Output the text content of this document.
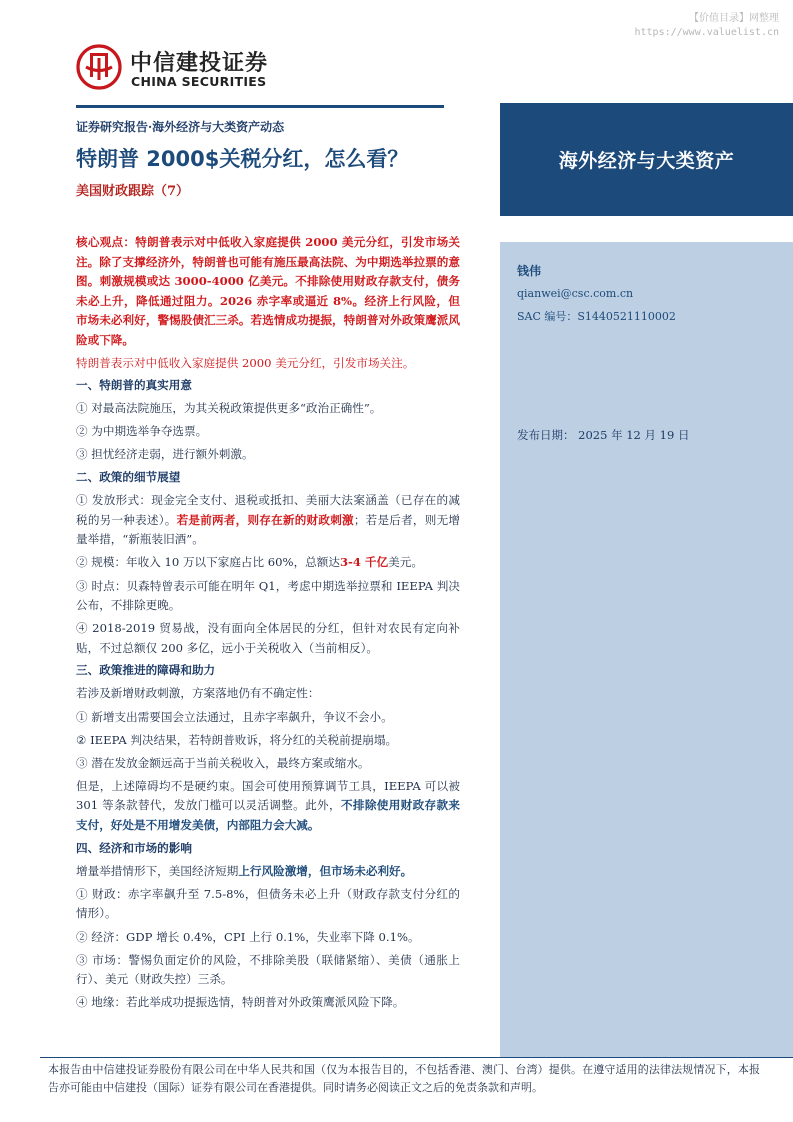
【价值目录】网整理
https://www.valuelist.cn
中信建投证券
CHINA SECURITIES
证券研究报告·海外经济与大类资产动态
特朗普 2000$关税分红，怎么看？
美国财政跟踪（7）
海外经济与大类资产
钱伟
qianwei@csc.com.cn
SAC 编号：S1440521110002
发布日期： 2025 年 12 月 19 日

核心观点：特朗普表示对中低收入家庭提供 2000 美元分红，引发市场关注。除了支撑经济外，特朗普也可能有施压最高法院、为中期选举拉票的意图。刺激规模或达 3000-4000 亿美元。不排除使用财政存款支付，债务未必上升，降低通过阻力。2026 赤字率或逼近 8%。经济上行风险，但市场未必利好，警惕股债汇三杀。若选情成功提振，特朗普对外政策鹰派风险或下降。

特朗普表示对中低收入家庭提供 2000 美元分红，引发市场关注。

一、特朗普的真实用意

① 对最高法院施压，为其关税政策提供更多“政治正确性”。

② 为中期选举争夺选票。

③ 担忧经济走弱，进行额外刺激。

二、政策的细节展望

① 发放形式：现金完全支付、退税或抵扣、美丽大法案涵盖（已存在的减税的另一种表述）。若是前两者，则存在新的财政刺激；若是后者，则无增量举措，“新瓶装旧酒”。

② 规模：年收入 10 万以下家庭占比 60%，总额达3-4 千亿美元。

③ 时点：贝森特曾表示可能在明年 Q1，考虑中期选举拉票和 IEEPA 判决公布，不排除更晚。

④ 2018-2019 贸易战，没有面向全体居民的分红，但针对农民有定向补贴，不过总额仅 200 多亿，远小于关税收入（当前相反）。

三、政策推进的障碍和助力

若涉及新增财政刺激，方案落地仍有不确定性：

① 新增支出需要国会立法通过，且赤字率飙升，争议不会小。

② IEEPA 判决结果，若特朗普败诉，将分红的关税前提崩塌。

③ 潜在发放金额远高于当前关税收入，最终方案或缩水。

但是，上述障碍均不是硬约束。国会可使用预算调节工具，IEEPA 可以被 301 等条款替代，发放门槛可以灵活调整。此外，不排除使用财政存款来支付，好处是不用增发美债，内部阻力会大减。

四、经济和市场的影响

增量举措情形下，美国经济短期上行风险激增，但市场未必利好。

① 财政：赤字率飙升至 7.5-8%，但债务未必上升（财政存款支付分红的情形）。

② 经济：GDP 增长 0.4%，CPI 上行 0.1%，失业率下降 0.1%。

③ 市场：警惕负面定价的风险，不排除美股（联储紧缩）、美债（通胀上行）、美元（财政失控）三杀。

④ 地缘：若此举成功提振选情，特朗普对外政策鹰派风险下降。

本报告由中信建投证券股份有限公司在中华人民共和国（仅为本报告目的，不包括香港、澳门、台湾）提供。在遵守适用的法律法规情况下，本报告亦可能由中信建投（国际）证券有限公司在香港提供。同时请务必阅读正文之后的免责条款和声明。
